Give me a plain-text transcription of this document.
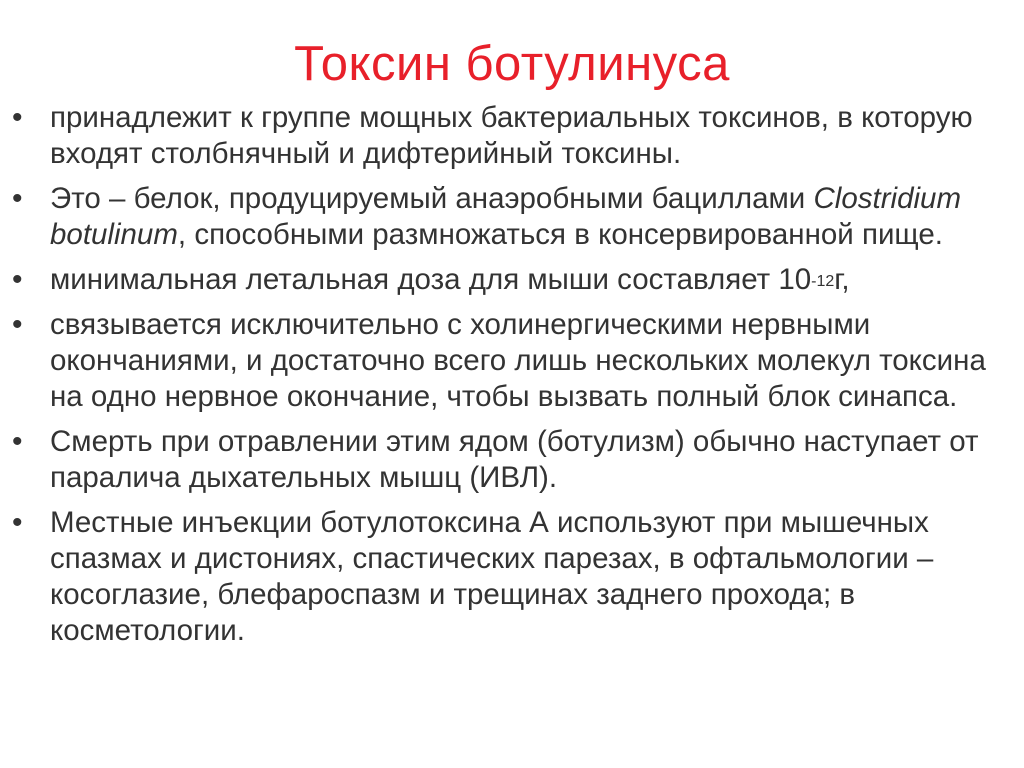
Токсин ботулинуса
• принадлежит к группе мощных бактериальных токсинов, в которую входят столбнячный и дифтерийный токсины.
• Это – белок, продуцируемый анаэробными бациллами Clostridium botulinum, способными размножаться в консервированной пище.
• минимальная летальная доза для мыши составляет $10^{-12}г$,
• связывается исключительно с холинергическими нервными окончаниями, и достаточно всего лишь нескольких молекул токсина на одно нервное окончание, чтобы вызвать полный блок синапса.
• Смерть при отравлении этим ядом (ботулизм) обычно наступает от паралича дыхательных мышц (ИВЛ).
• Местные инъекции ботулотоксина А используют при мышечных спазмах и дистониях, спастических парезах, в офтальмологии – косоглазие, блефароспазм и трещинах заднего прохода; в косметологии.
